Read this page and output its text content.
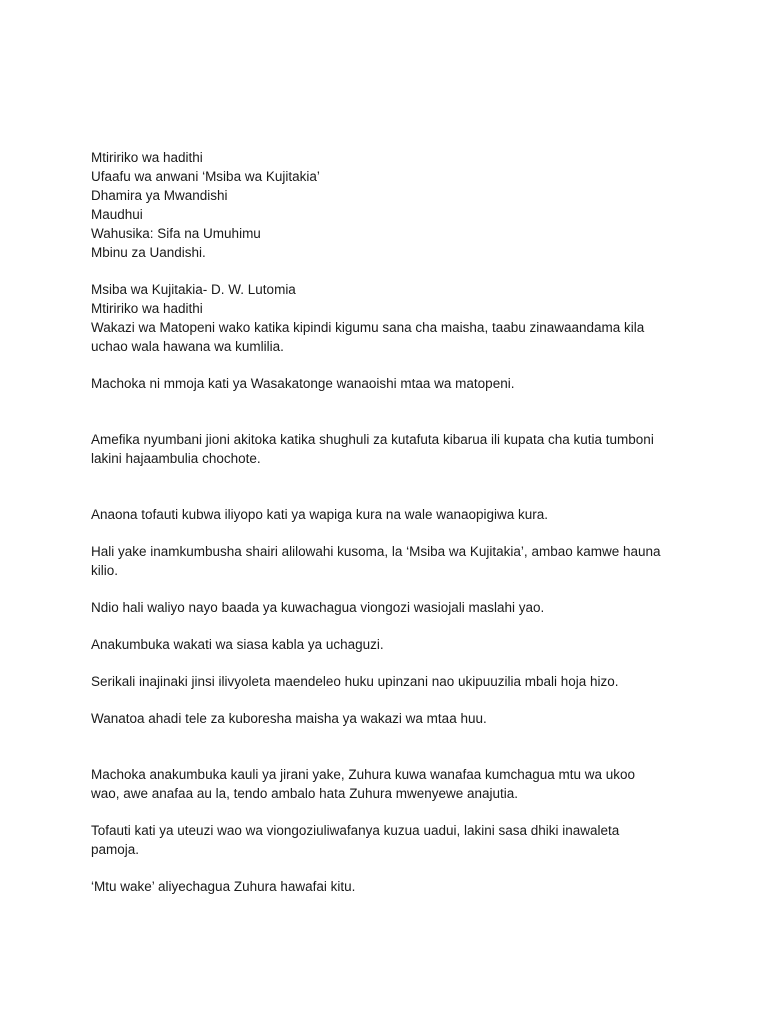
Mtiririko wa hadithi
Ufaafu wa anwani ‘Msiba wa Kujitakia’
Dhamira ya Mwandishi
Maudhui
Wahusika: Sifa na Umuhimu
Mbinu za Uandishi.
Msiba wa Kujitakia- D. W. Lutomia
Mtiririko wa hadithi

Wakazi wa Matopeni wako katika kipindi kigumu sana cha maisha, taabu zinawaandama kila
uchao wala hawana wa kumlilia.

Machoka ni mmoja kati ya Wasakatonge wanaoishi mtaa wa matopeni.

Amefika nyumbani jioni akitoka katika shughuli za kutafuta kibarua ili kupata cha kutia tumboni
lakini hajaambulia chochote.

Anaona tofauti kubwa iliyopo kati ya wapiga kura na wale wanaopigiwa kura.

Hali yake inamkumbusha shairi alilowahi kusoma, la ‘Msiba wa Kujitakia’, ambao kamwe hauna
kilio.

Ndio hali waliyo nayo baada ya kuwachagua viongozi wasiojali maslahi yao.

Anakumbuka wakati wa siasa kabla ya uchaguzi.

Serikali inajinaki jinsi ilivyoleta maendeleo huku upinzani nao ukipuuzilia mbali hoja hizo.

Wanatoa ahadi tele za kuboresha maisha ya wakazi wa mtaa huu.

Machoka anakumbuka kauli ya jirani yake, Zuhura kuwa wanafaa kumchagua mtu wa ukoo
wao, awe anafaa au la, tendo ambalo hata Zuhura mwenyewe anajutia.

Tofauti kati ya uteuzi wao wa viongoziuliwafanya kuzua uadui, lakini sasa dhiki inawaleta
pamoja.

‘Mtu wake’ aliyechagua Zuhura hawafai kitu.
